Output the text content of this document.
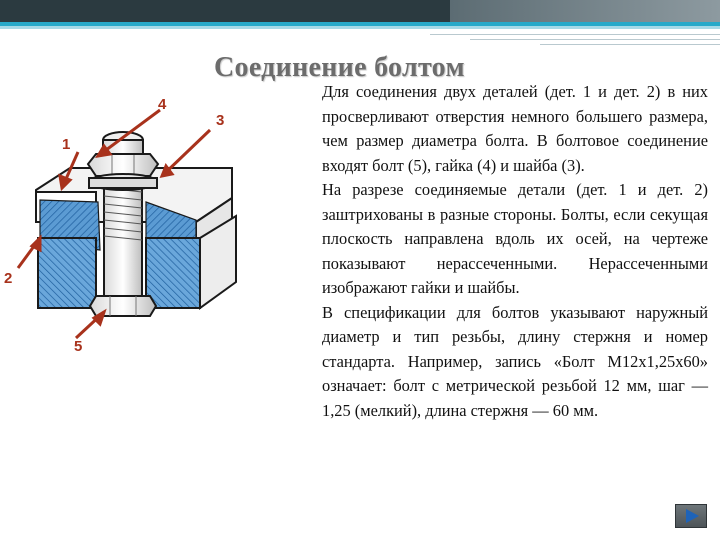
Соединение болтом

Для соединения двух деталей (дет. 1 и дет. 2) в них просверливают отверстия немного большего размера, чем размер диаметра болта. В болтовое соединение входят болт (5), гайка (4) и шайба (3).

На разрезе соединяемые детали (дет. 1 и дет. 2) заштрихованы в разные стороны. Болты, если секущая плоскость направлена вдоль их осей, на чертеже показывают нерассеченными. Нерассеченными изображают гайки и шайбы.

В спецификации для болтов указывают наружный диаметр и тип резьбы, длину стержня и номер стандарта. Например, запись «Болт М12х1,25х60» означает: болт с метрической резьбой 12 мм, шаг — 1,25 (мелкий), длина стержня — 60 мм.

4
3
1
2
5
